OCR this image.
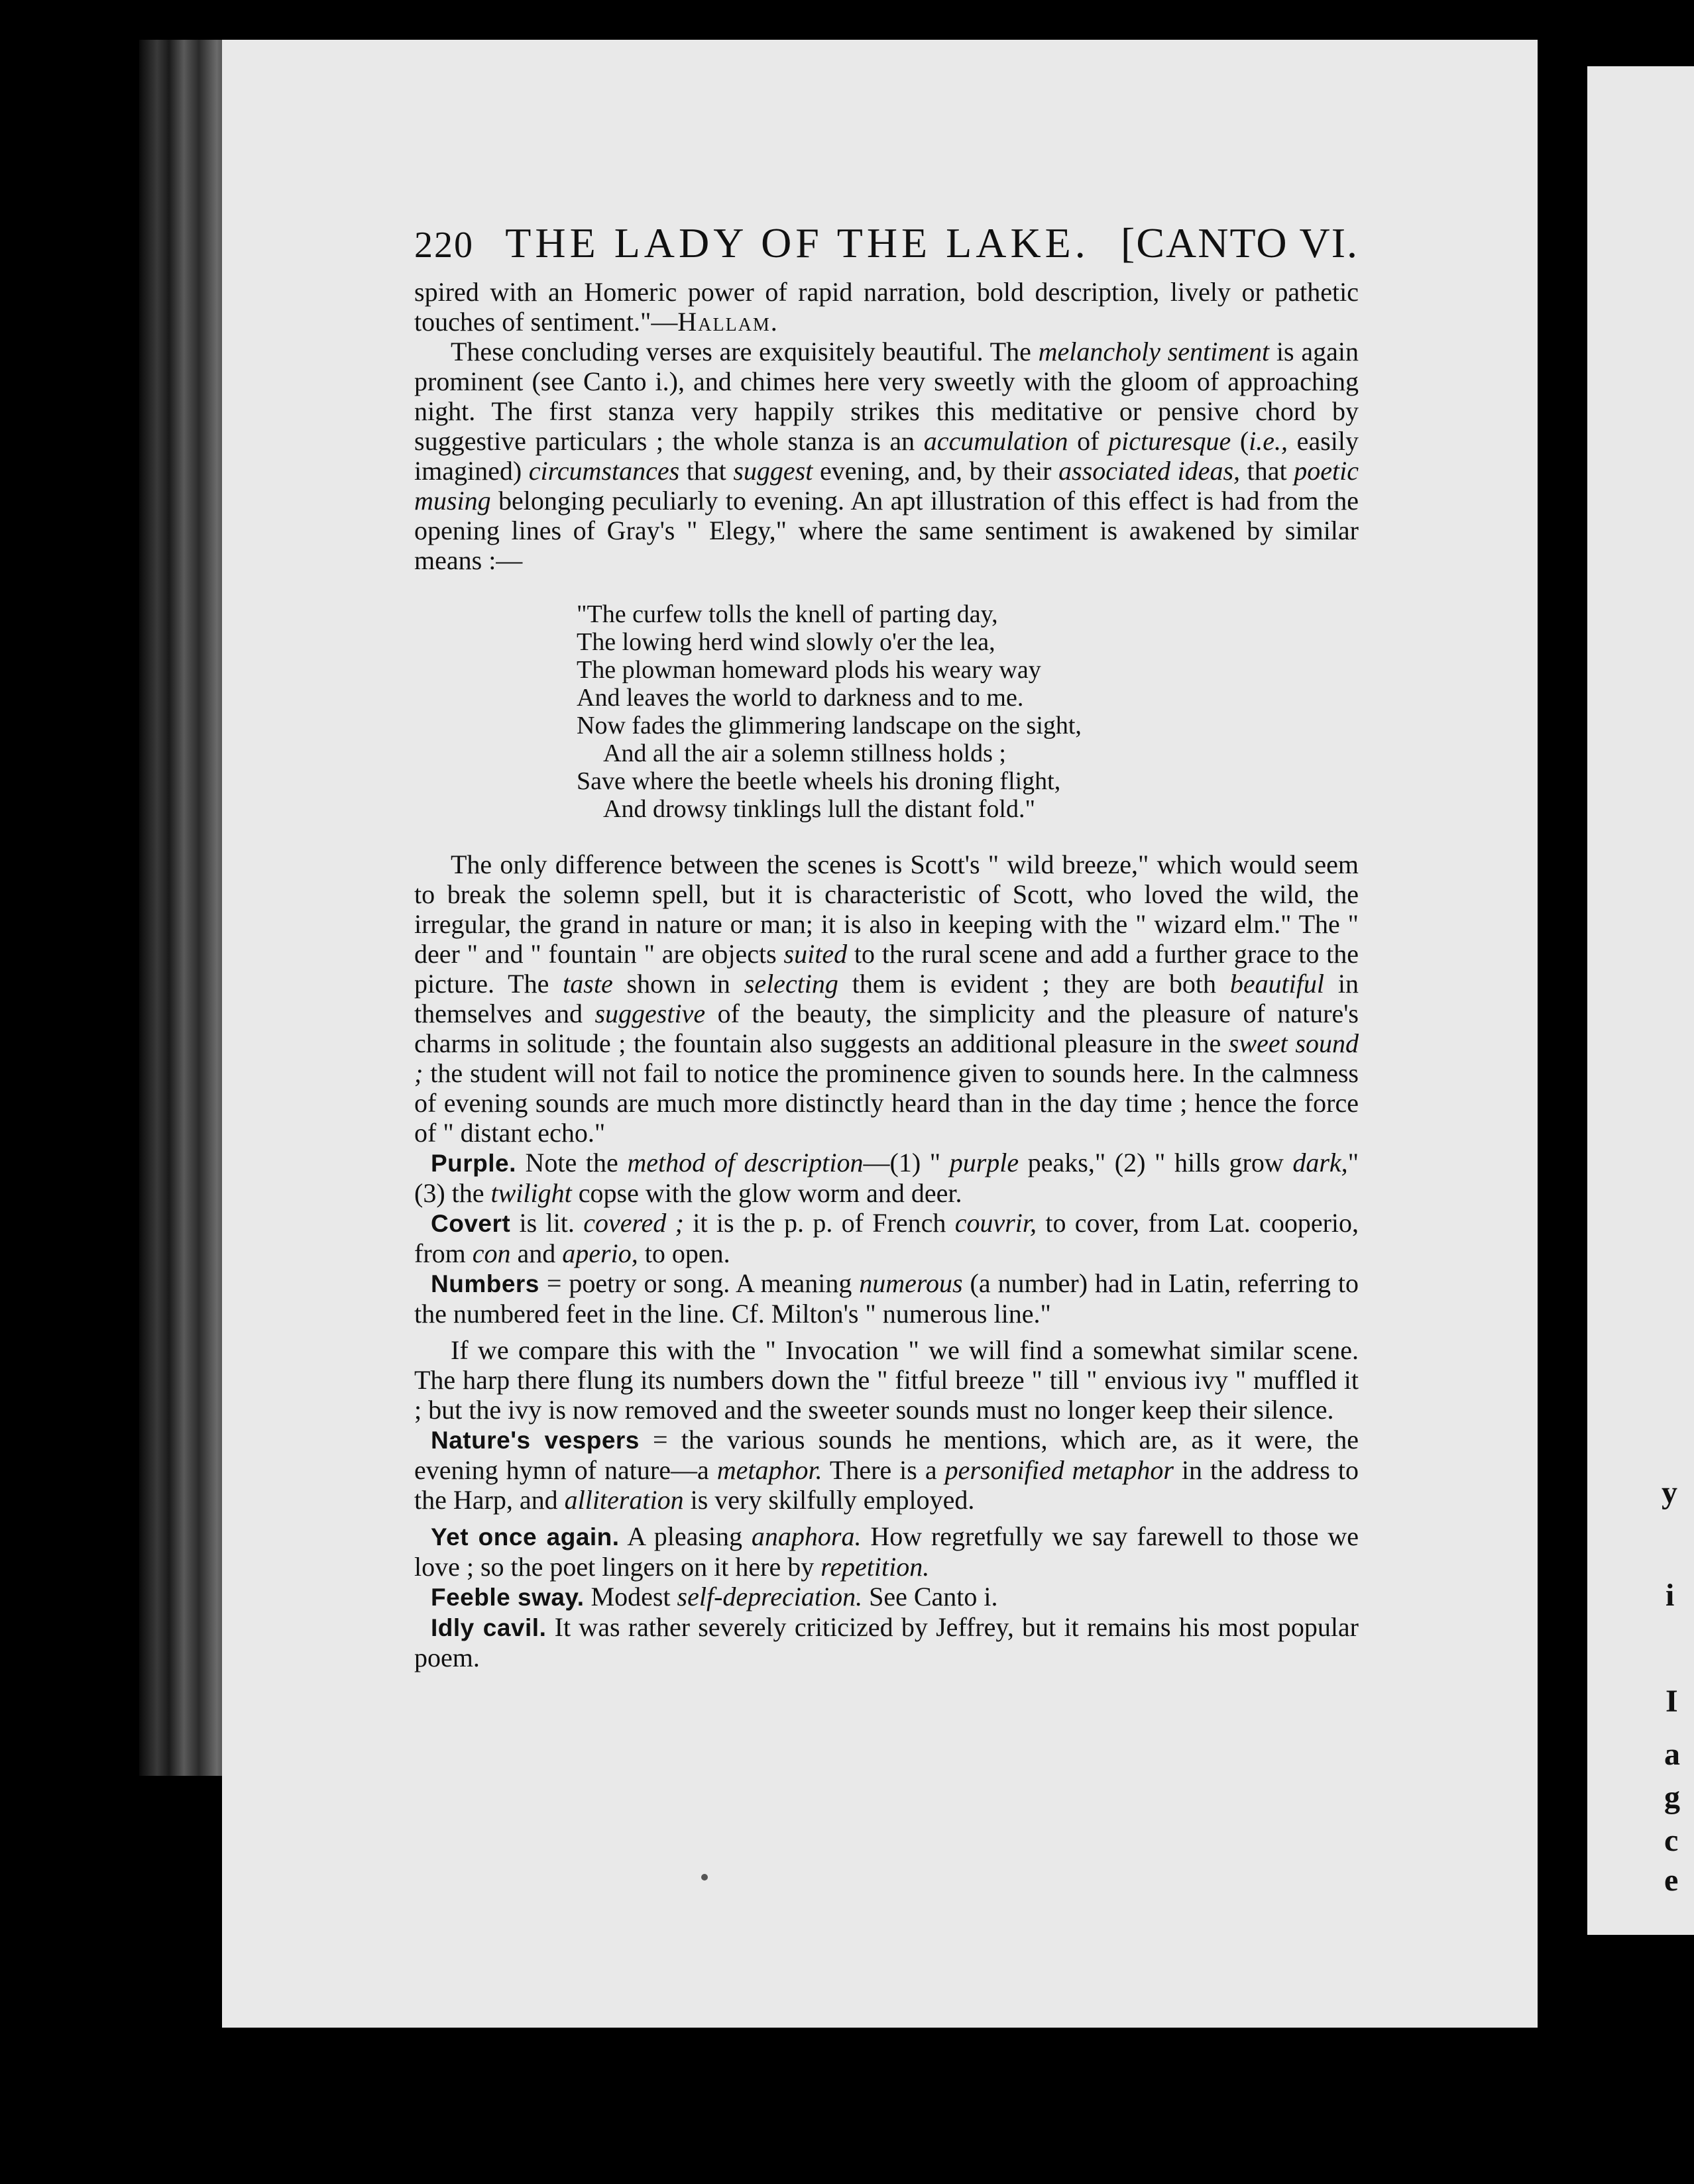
y
i
I
a
g
c
e
220 THE LADY OF THE LAKE. [CANTO VI.

spired with an Homeric power of rapid narration, bold description, lively or pathetic touches of sentiment."—Hallam.

These concluding verses are exquisitely beautiful. The melancholy sentiment is again prominent (see Canto i.), and chimes here very sweetly with the gloom of approaching night. The first stanza very happily strikes this meditative or pensive chord by suggestive particulars ; the whole stanza is an accumulation of picturesque (i.e., easily imagined) circumstances that suggest evening, and, by their associated ideas, that poetic musing belonging peculiarly to evening. An apt illustration of this effect is had from the opening lines of Gray's " Elegy," where the same sentiment is awakened by similar means :—

"The curfew tolls the knell of parting day,
The lowing herd wind slowly o'er the lea,
The plowman homeward plods his weary way
And leaves the world to darkness and to me.
Now fades the glimmering landscape on the sight,
And all the air a solemn stillness holds ;
Save where the beetle wheels his droning flight,
And drowsy tinklings lull the distant fold."

The only difference between the scenes is Scott's " wild breeze," which would seem to break the solemn spell, but it is characteristic of Scott, who loved the wild, the irregular, the grand in nature or man; it is also in keeping with the " wizard elm." The " deer " and " fountain " are objects suited to the rural scene and add a further grace to the picture. The taste shown in selecting them is evident ; they are both beautiful in themselves and suggestive of the beauty, the simplicity and the pleasure of nature's charms in solitude ; the fountain also suggests an additional pleasure in the sweet sound ; the student will not fail to notice the prominence given to sounds here. In the calmness of evening sounds are much more distinctly heard than in the day time ; hence the force of " distant echo."

Purple. Note the method of description—(1) " purple peaks," (2) " hills grow dark," (3) the twilight copse with the glow worm and deer.

Covert is lit. covered ; it is the p. p. of French couvrir, to cover, from Lat. cooperio, from con and aperio, to open.

Numbers = poetry or song. A meaning numerous (a number) had in Latin, referring to the numbered feet in the line. Cf. Milton's " numerous line."

If we compare this with the " Invocation " we will find a somewhat similar scene. The harp there flung its numbers down the " fitful breeze " till " envious ivy " muffled it ; but the ivy is now removed and the sweeter sounds must no longer keep their silence.

Nature's vespers = the various sounds he mentions, which are, as it were, the evening hymn of nature—a metaphor. There is a personified metaphor in the address to the Harp, and alliteration is very skilfully employed.

Yet once again. A pleasing anaphora. How regretfully we say farewell to those we love ; so the poet lingers on it here by repetition.

Feeble sway. Modest self-depreciation. See Canto i.

Idly cavil. It was rather severely criticized by Jeffrey, but it remains his most popular poem.
